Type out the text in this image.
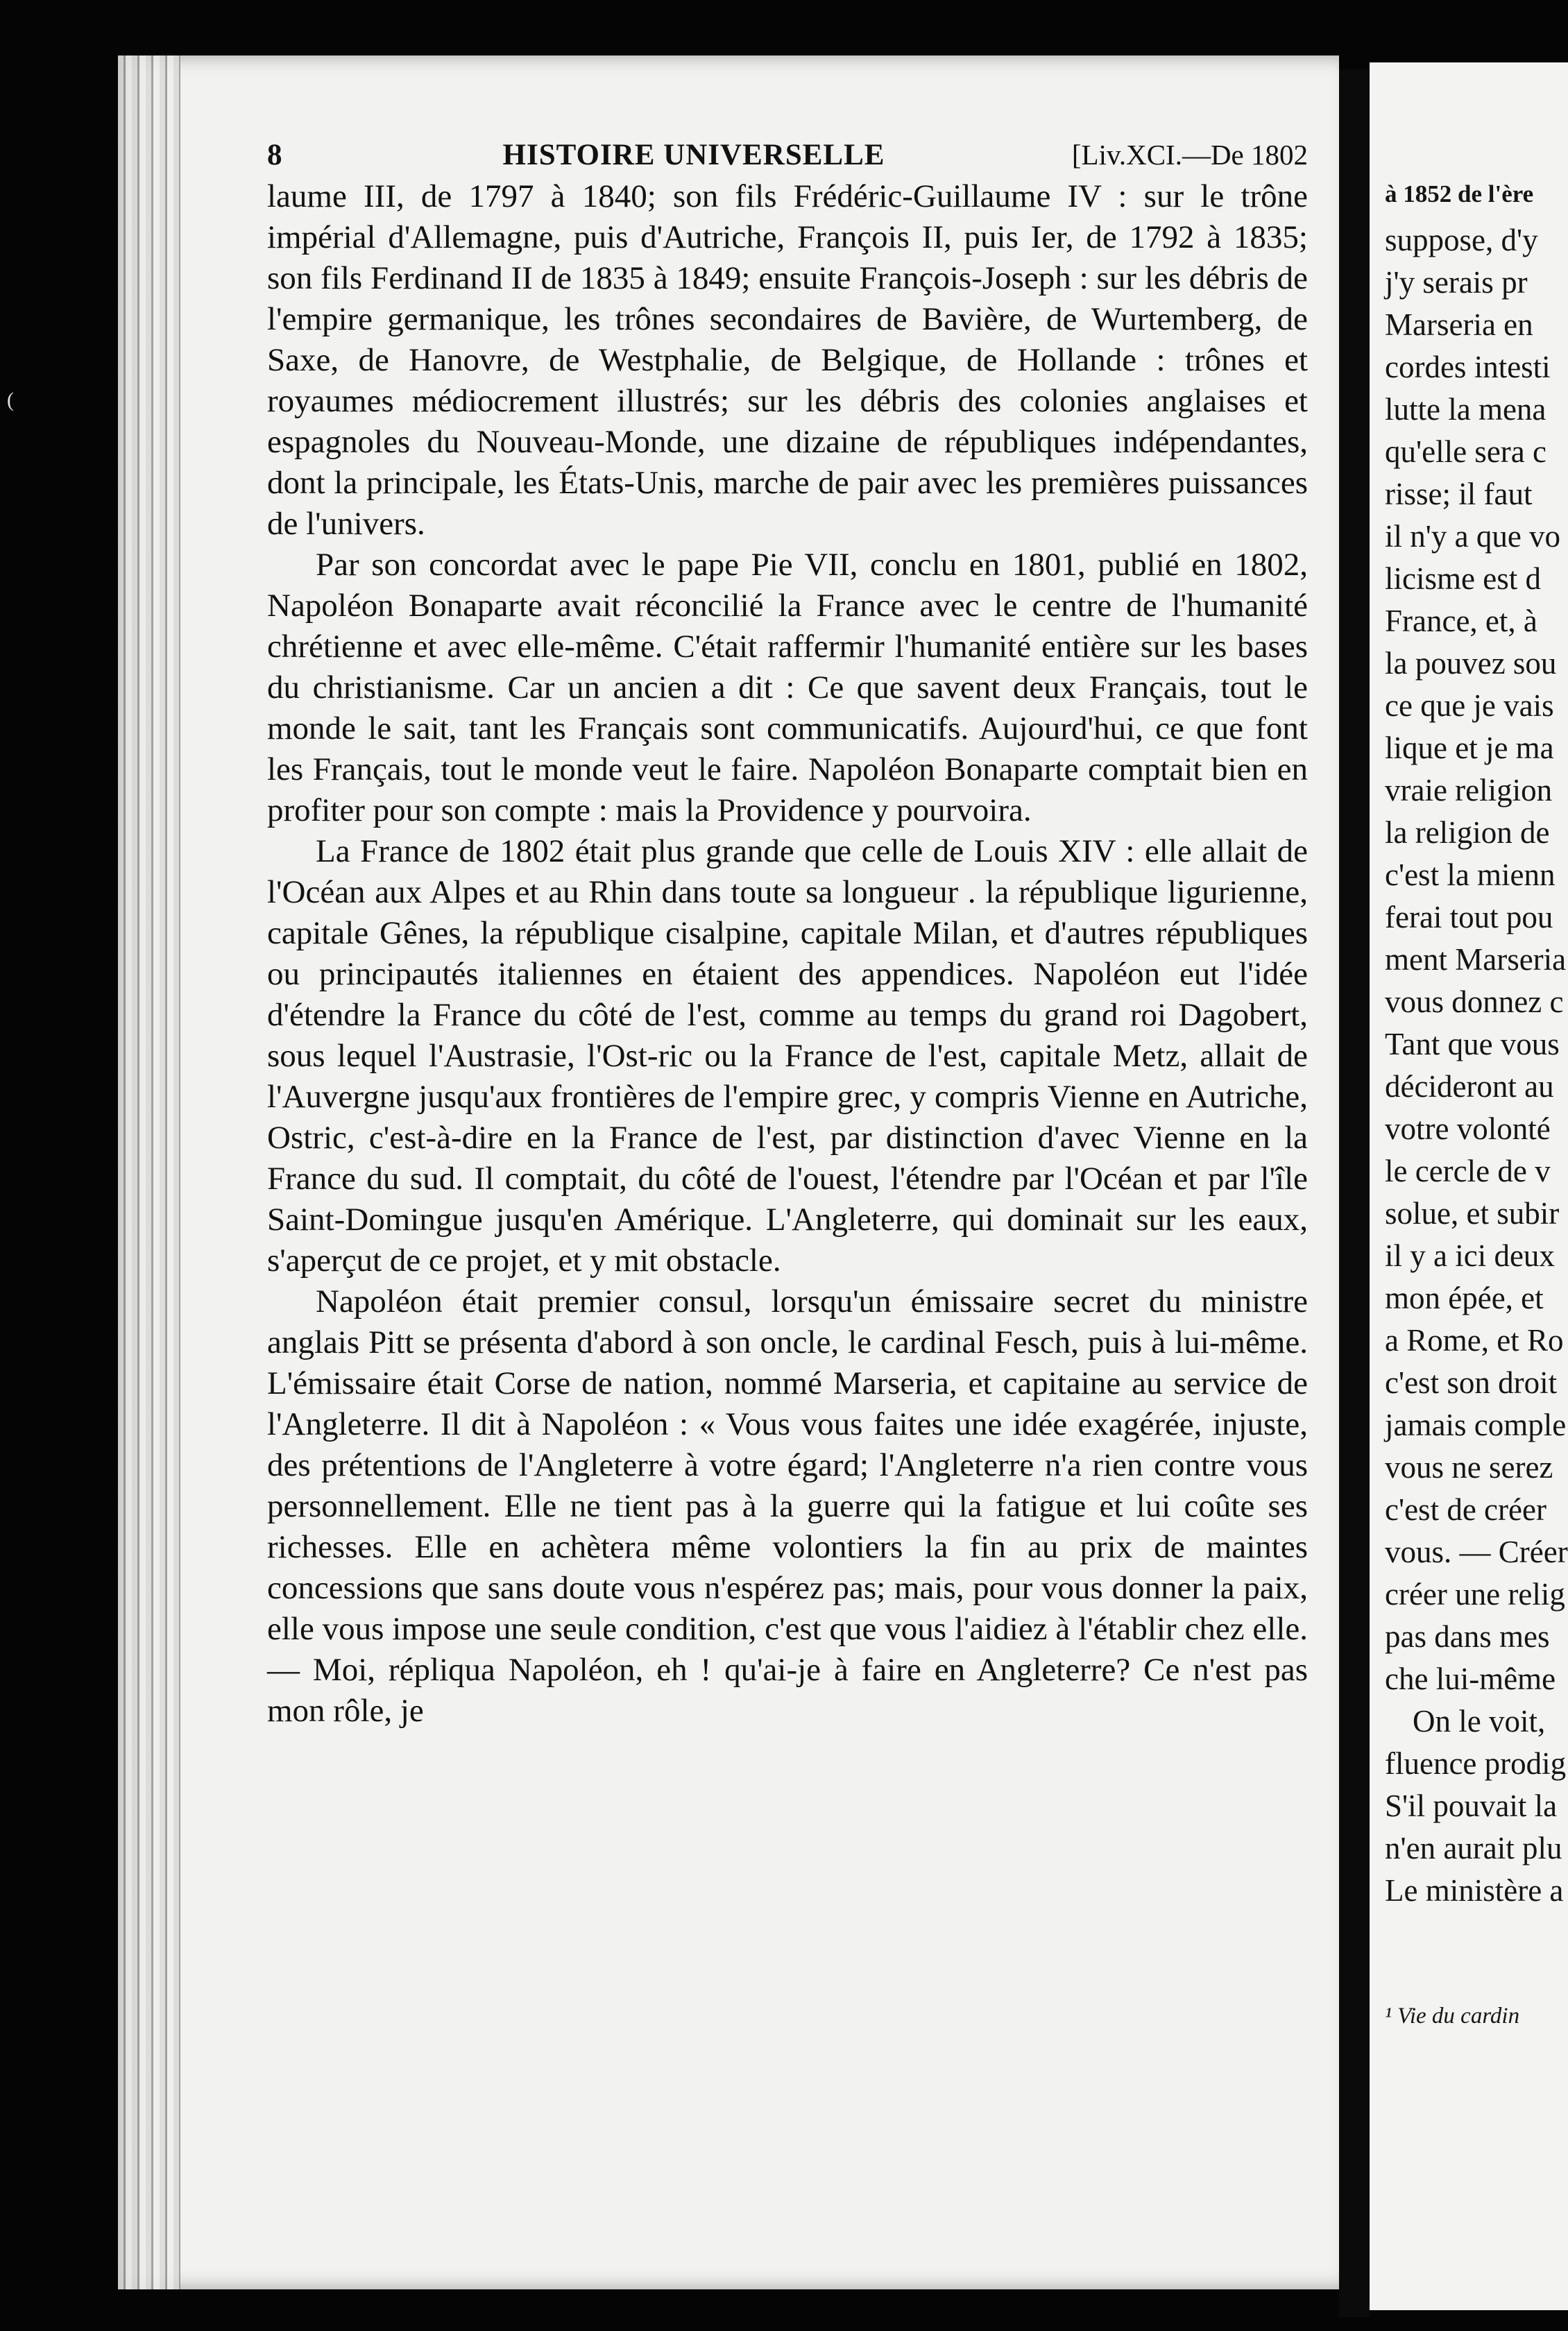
(
8	HISTOIRE UNIVERSELLE	[Liv.XCI.—De 1802

laume III, de 1797 à 1840; son fils Frédéric-Guillaume IV : sur le trône impérial d'Allemagne, puis d'Autriche, François II, puis Ier, de 1792 à 1835; son fils Ferdinand II de 1835 à 1849; ensuite François-Joseph : sur les débris de l'empire germanique, les trônes secondaires de Bavière, de Wurtemberg, de Saxe, de Hanovre, de Westphalie, de Belgique, de Hollande : trônes et royaumes médiocrement illustrés; sur les débris des colonies anglaises et espagnoles du Nouveau-Monde, une dizaine de républiques indépendantes, dont la principale, les États-Unis, marche de pair avec les premières puissances de l'univers.

Par son concordat avec le pape Pie VII, conclu en 1801, publié en 1802, Napoléon Bonaparte avait réconcilié la France avec le centre de l'humanité chrétienne et avec elle-même. C'était raffermir l'humanité entière sur les bases du christianisme. Car un ancien a dit : Ce que savent deux Français, tout le monde le sait, tant les Français sont communicatifs. Aujourd'hui, ce que font les Français, tout le monde veut le faire. Napoléon Bonaparte comptait bien en profiter pour son compte : mais la Providence y pourvoira.

La France de 1802 était plus grande que celle de Louis XIV : elle allait de l'Océan aux Alpes et au Rhin dans toute sa longueur . la république ligurienne, capitale Gênes, la république cisalpine, capitale Milan, et d'autres républiques ou principautés italiennes en étaient des appendices. Napoléon eut l'idée d'étendre la France du côté de l'est, comme au temps du grand roi Dagobert, sous lequel l'Austrasie, l'Ost-ric ou la France de l'est, capitale Metz, allait de l'Auvergne jusqu'aux frontières de l'empire grec, y compris Vienne en Autriche, Ostric, c'est-à-dire en la France de l'est, par distinction d'avec Vienne en la France du sud. Il comptait, du côté de l'ouest, l'étendre par l'Océan et par l'île Saint-Domingue jusqu'en Amérique. L'Angleterre, qui dominait sur les eaux, s'aperçut de ce projet, et y mit obstacle.

Napoléon était premier consul, lorsqu'un émissaire secret du ministre anglais Pitt se présenta d'abord à son oncle, le cardinal Fesch, puis à lui-même. L'émissaire était Corse de nation, nommé Marseria, et capitaine au service de l'Angleterre. Il dit à Napoléon : « Vous vous faites une idée exagérée, injuste, des prétentions de l'Angleterre à votre égard; l'Angleterre n'a rien contre vous personnellement. Elle ne tient pas à la guerre qui la fatigue et lui coûte ses richesses. Elle en achètera même volontiers la fin au prix de maintes concessions que sans doute vous n'espérez pas; mais, pour vous donner la paix, elle vous impose une seule condition, c'est que vous l'aidiez à l'établir chez elle. — Moi, répliqua Napoléon, eh ! qu'ai-je à faire en Angleterre? Ce n'est pas mon rôle, je

à 1852 de l'ère
suppose, d'y
j'y serais pr
Marseria en
cordes intesti
lutte la mena
qu'elle sera c
risse; il faut
il n'y a que vo
licisme est d
France, et, à
la pouvez sou
ce que je vais
lique et je ma
vraie religion
la religion de
c'est la mienn
ferai tout pou
ment Marseria
vous donnez c
Tant que vous
décideront au
votre volonté
le cercle de v
solue, et subir
il y a ici deux
mon épée, et
a Rome, et Ro
c'est son droit
jamais comple
vous ne serez
c'est de créer
vous. — Créer
créer une relig
pas dans mes
che lui-même
On le voit,
fluence prodig
S'il pouvait la
n'en aurait plu
Le ministère a
¹ Vie du cardin
